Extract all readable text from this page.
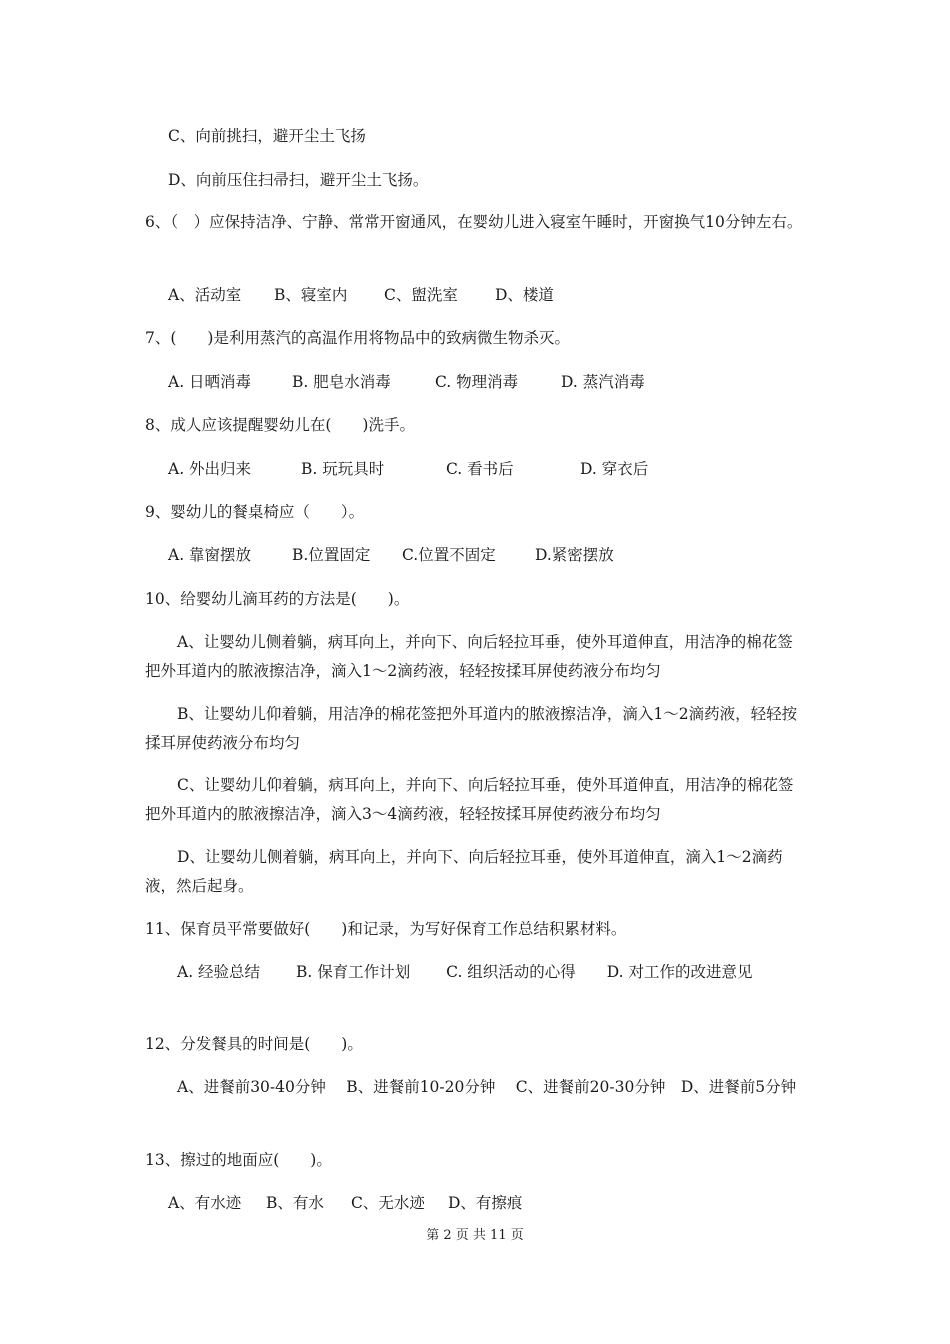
C、向前挑扫，避开尘土飞扬
D、向前压住扫帚扫，避开尘土飞扬。
6、（　）应保持洁净、宁静、常常开窗通风，在婴幼儿进入寝室午睡时，开窗换气10分钟左右。
A、活动室 B、寝室内 C、盥洗室 D、楼道
7、(　　)是利用蒸汽的高温作用将物品中的致病微生物杀灭。
A. 日晒消毒	B. 肥皂水消毒	C. 物理消毒	D. 蒸汽消毒
8、成人应该提醒婴幼儿在(　　)洗手。
A. 外出归来	B. 玩玩具时	C. 看书后	D. 穿衣后
9、婴幼儿的餐桌椅应（　　）。
A. 靠窗摆放	B.位置固定 C.位置不固定	D.紧密摆放
10、给婴幼儿滴耳药的方法是(　　)。
A、让婴幼儿侧着躺，病耳向上，并向下、向后轻拉耳垂，使外耳道伸直，用洁净的棉花签把外耳道内的脓液擦洁净，滴入1～2滴药液，轻轻按揉耳屏使药液分布均匀
B、让婴幼儿仰着躺，用洁净的棉花签把外耳道内的脓液擦洁净，滴入1～2滴药液，轻轻按揉耳屏使药液分布均匀
C、让婴幼儿仰着躺，病耳向上，并向下、向后轻拉耳垂，使外耳道伸直，用洁净的棉花签把外耳道内的脓液擦洁净，滴入3～4滴药液，轻轻按揉耳屏使药液分布均匀
D、让婴幼儿侧着躺，病耳向上，并向下、向后轻拉耳垂，使外耳道伸直，滴入1～2滴药液，然后起身。
11、保育员平常要做好(　　)和记录，为写好保育工作总结积累材料。
A. 经验总结　　 B. 保育工作计划　　 C. 组织活动的心得　　D. 对工作的改进意见
12、分发餐具的时间是(　　)。
A、进餐前30-40分钟　 B、进餐前10-20分钟　 C、进餐前20-30分钟　D、进餐前5分钟
13、擦过的地面应(　　)。
A、有水迹 B、有水 C、无水迹 D、有擦痕
第 2 页 共 11 页
